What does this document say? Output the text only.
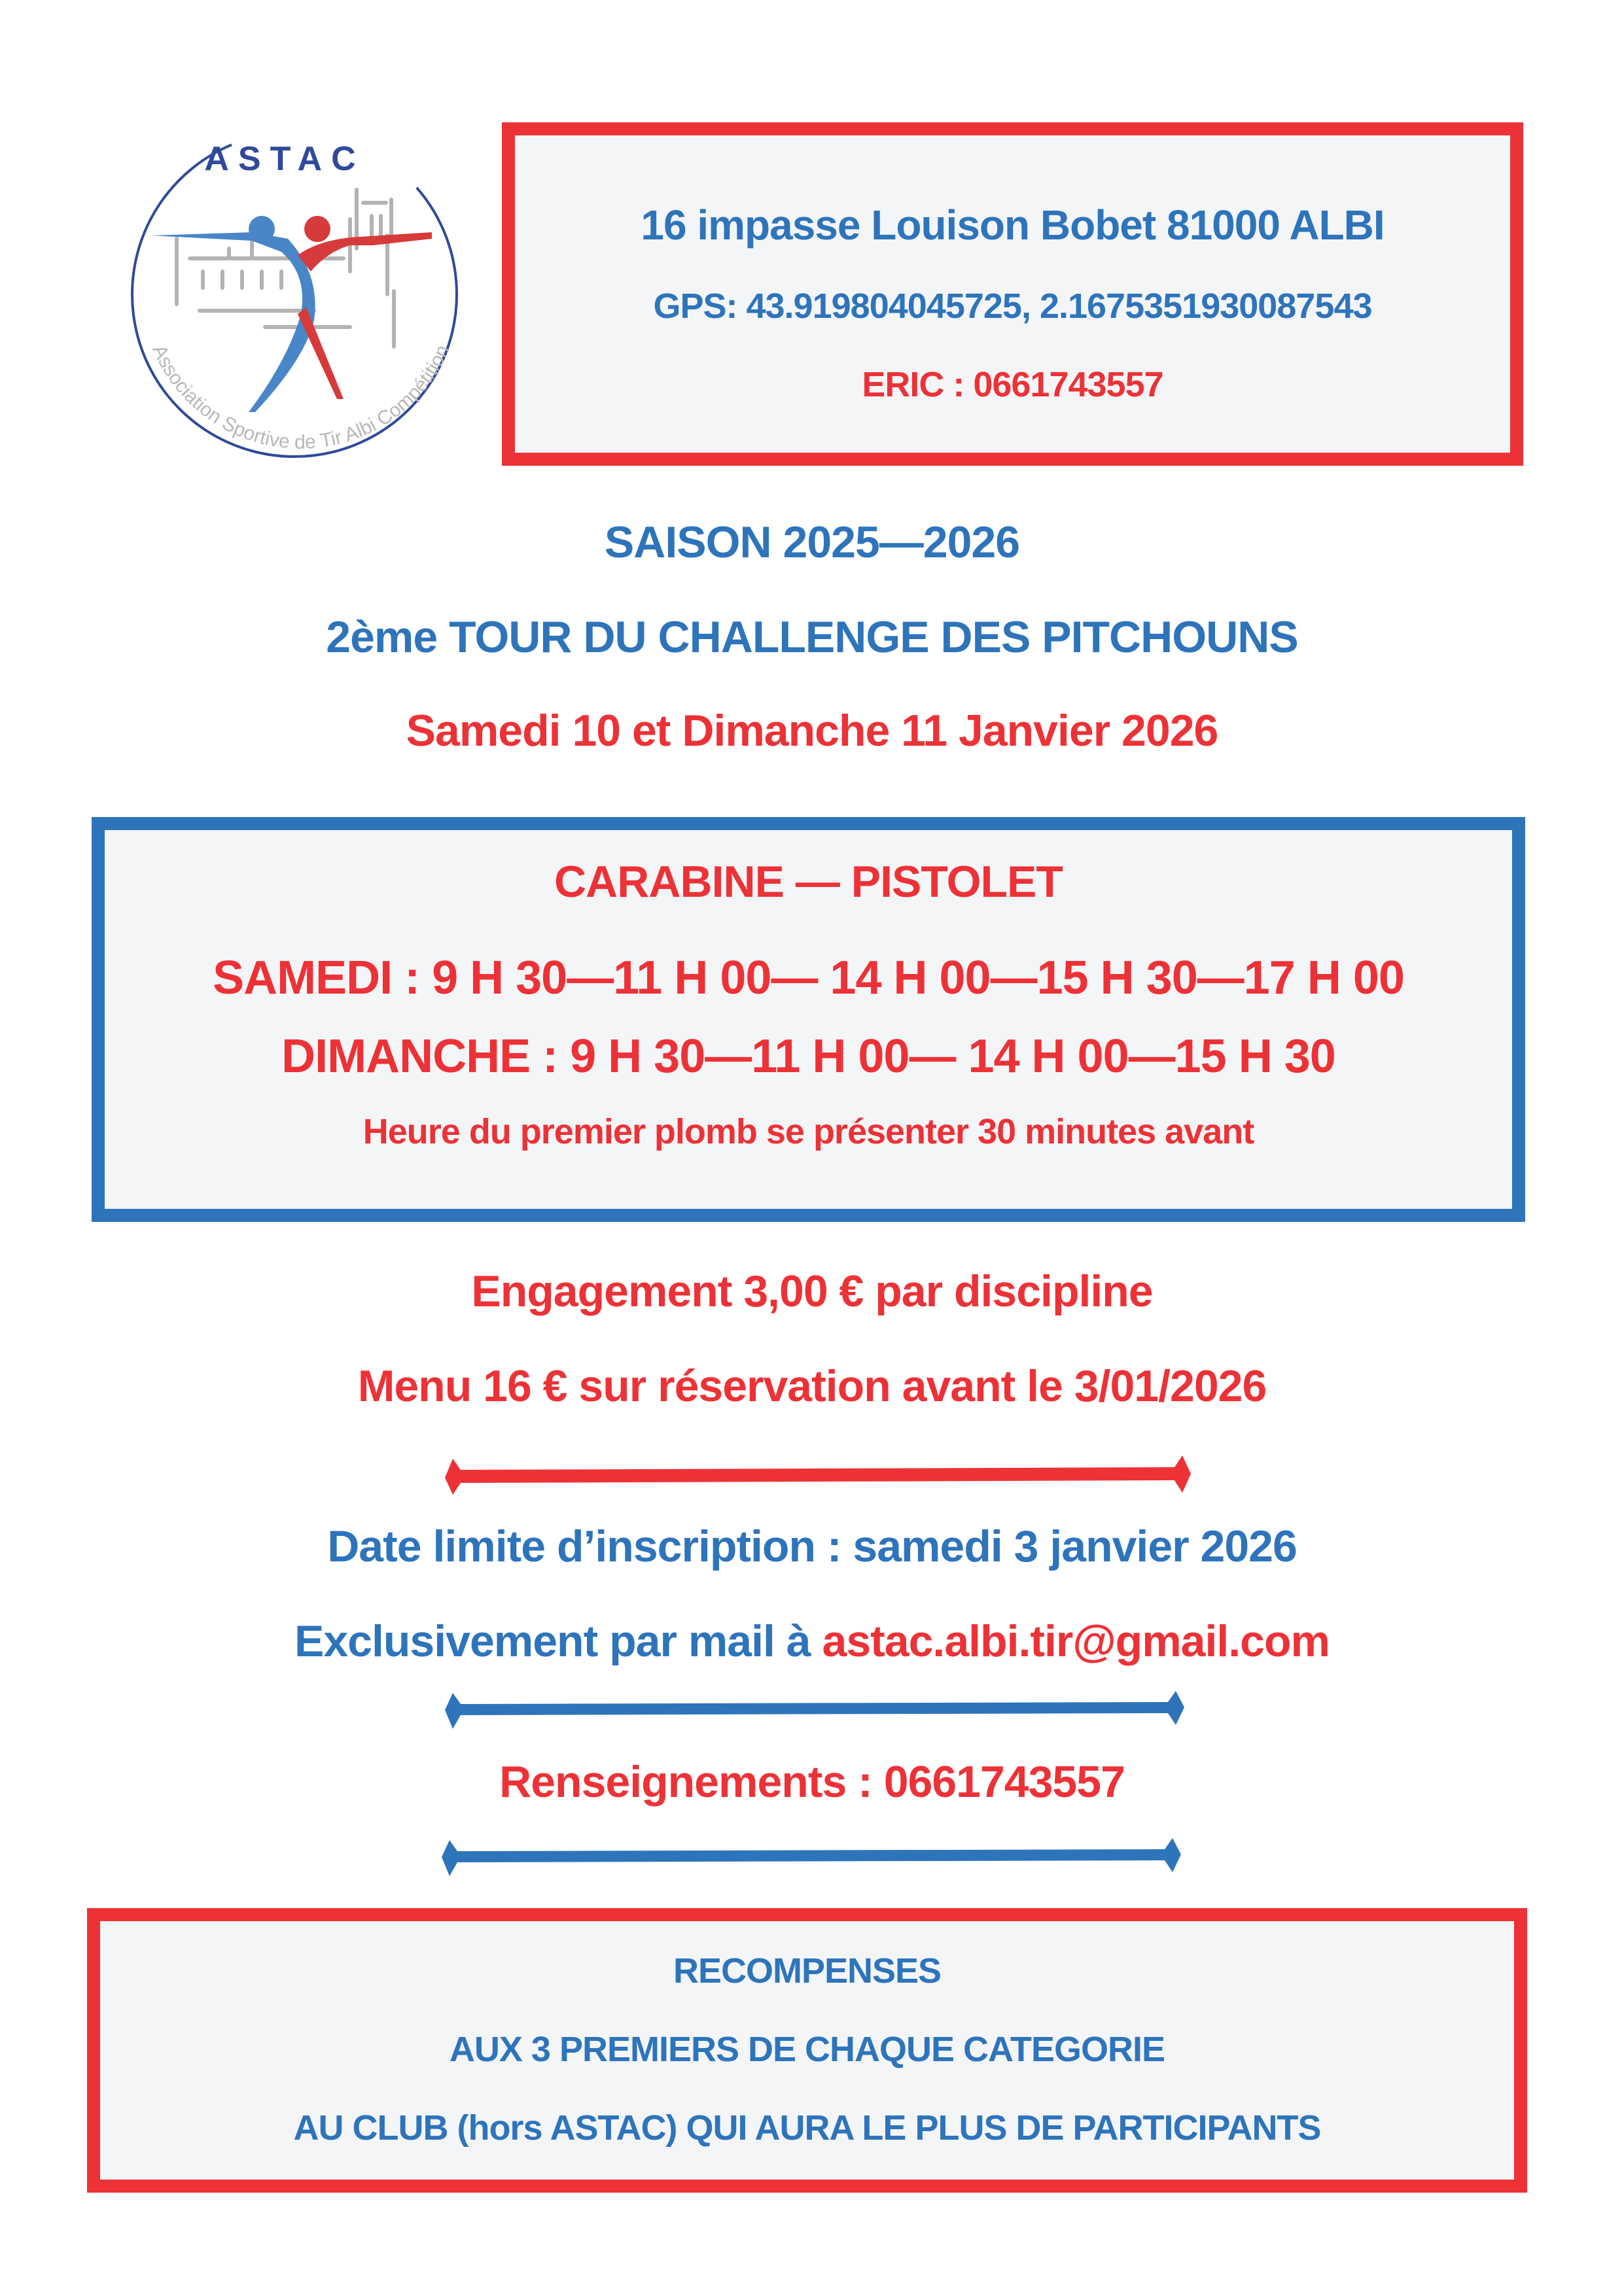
ASTAC
Association Sportive de Tir Albi Compétition
16 impasse Louison Bobet 81000 ALBI
GPS: 43.919804045725, 2.1675351930087543
ERIC : 0661743557
SAISON 2025—2026
2ème TOUR DU CHALLENGE DES PITCHOUNS
Samedi 10 et Dimanche 11 Janvier 2026
CARABINE — PISTOLET
SAMEDI : 9 H 30—11 H 00— 14 H 00—15 H 30—17 H 00
DIMANCHE : 9 H 30—11 H 00— 14 H 00—15 H 30
Heure du premier plomb se présenter 30 minutes avant
Engagement 3,00 € par discipline
Menu 16 € sur réservation avant le 3/01/2026
Date limite d’inscription : samedi 3 janvier 2026
Exclusivement par mail à astac.albi.tir@gmail.com
Renseignements : 0661743557
RECOMPENSES
AUX 3 PREMIERS DE CHAQUE CATEGORIE
AU CLUB (hors ASTAC) QUI AURA LE PLUS DE PARTICIPANTS
